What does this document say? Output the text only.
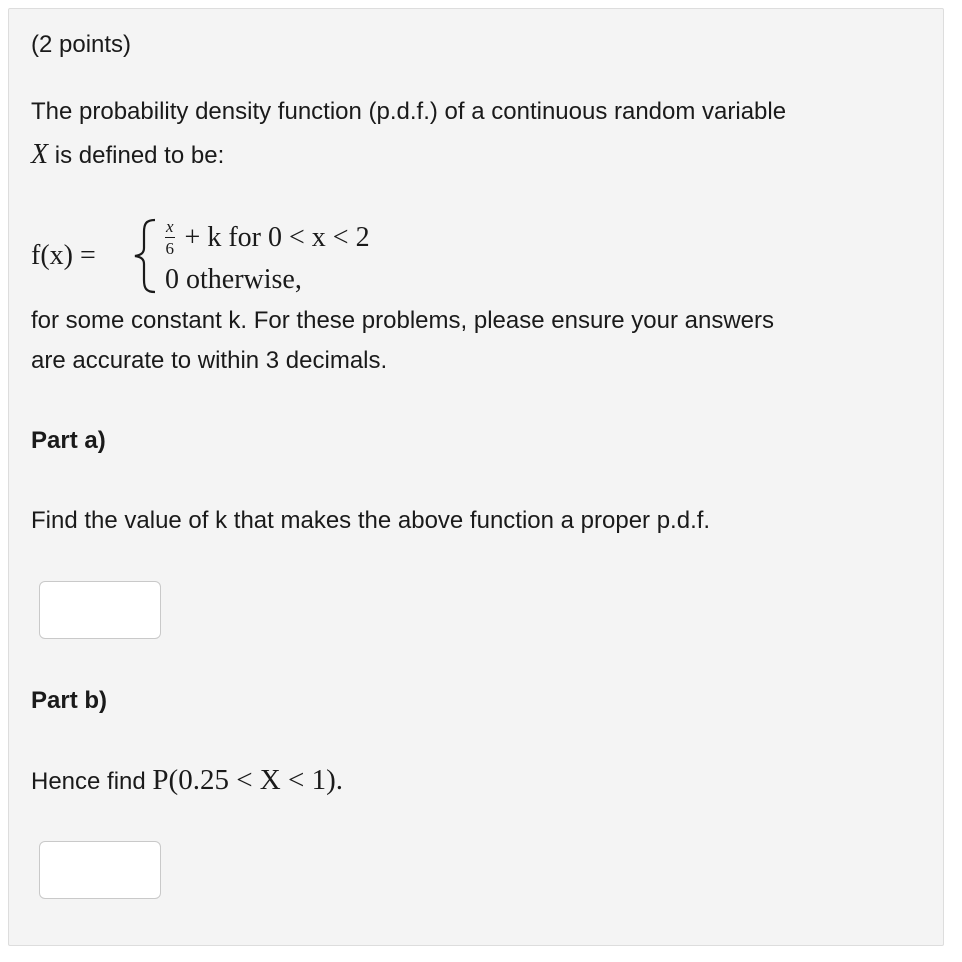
(2 points)
The probability density function (p.d.f.) of a continuous random variable
X is defined to be:
f(x) =	$\frac{x}{6} + k$ for 0 < x < 2
0 otherwise,
for some constant k. For these problems, please ensure your answers
are accurate to within 3 decimals.
Part a)
Find the value of k that makes the above function a proper p.d.f.
Part b)
Hence find P(0.25 < X < 1).
